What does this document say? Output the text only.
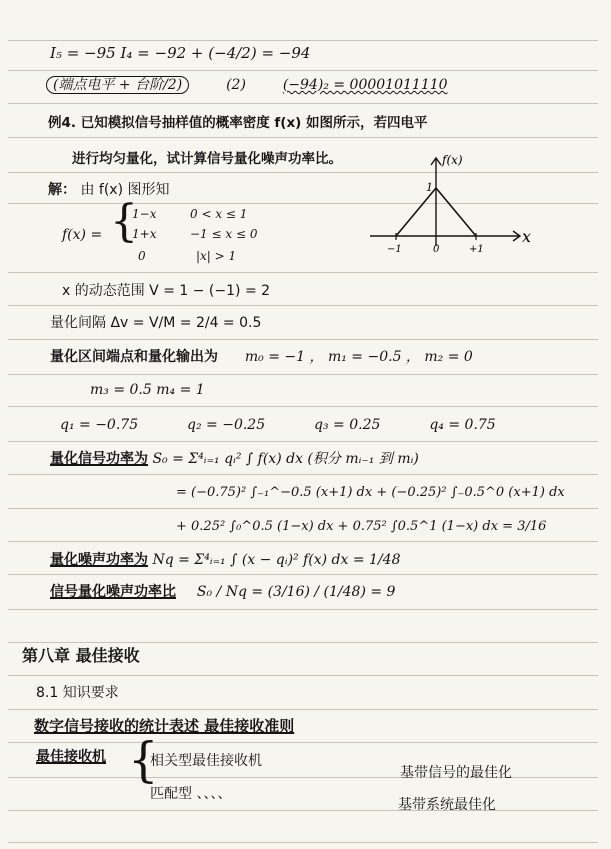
I₅ = −95 I₄ = −92 + (−4/2) = −94
(端点电平 + 台阶/2)	(2)	(−94)₂ = 00001011110
例4. 已知模拟信号抽样值的概率密度 f(x) 如图所示，若四电平
进行均匀量化，试计算信号量化噪声功率比。
解： 由 f(x) 图形知
f(x) = {
1−x	0 < x ≤ 1
1+x	−1 ≤ x ≤ 0
0	|x| > 1
f(x)
1
x
−1	0	+1
x 的动态范围 V = 1 − (−1) = 2
量化间隔 Δv = V/M = 2/4 = 0.5
量化区间端点和量化输出为 m₀ = −1 ， m₁ = −0.5 ， m₂ = 0
m₃ = 0.5 m₄ = 1
q₁ = −0.75	q₂ = −0.25	q₃ = 0.25	q₄ = 0.75
量化信号功率为 S₀ = Σ⁴ᵢ₌₁ qᵢ² ∫ f(x) dx (积分 mᵢ₋₁ 到 mᵢ)
= (−0.75)² ∫₋₁^−0.5 (x+1) dx + (−0.25)² ∫₋0.5^0 (x+1) dx
+ 0.25² ∫₀^0.5 (1−x) dx + 0.75² ∫0.5^1 (1−x) dx = 3/16
量化噪声功率为 Nq = Σ⁴ᵢ₌₁ ∫ (x − qᵢ)² f(x) dx = 1/48
信号量化噪声功率比 S₀ / Nq = (3/16) / (1/48) = 9
第八章 最佳接收
8.1 知识要求
数字信号接收的统计表述 最佳接收准则
最佳接收机 {
相关型最佳接收机
匹配型 、、、、
基带信号的最佳化
基带系统最佳化
